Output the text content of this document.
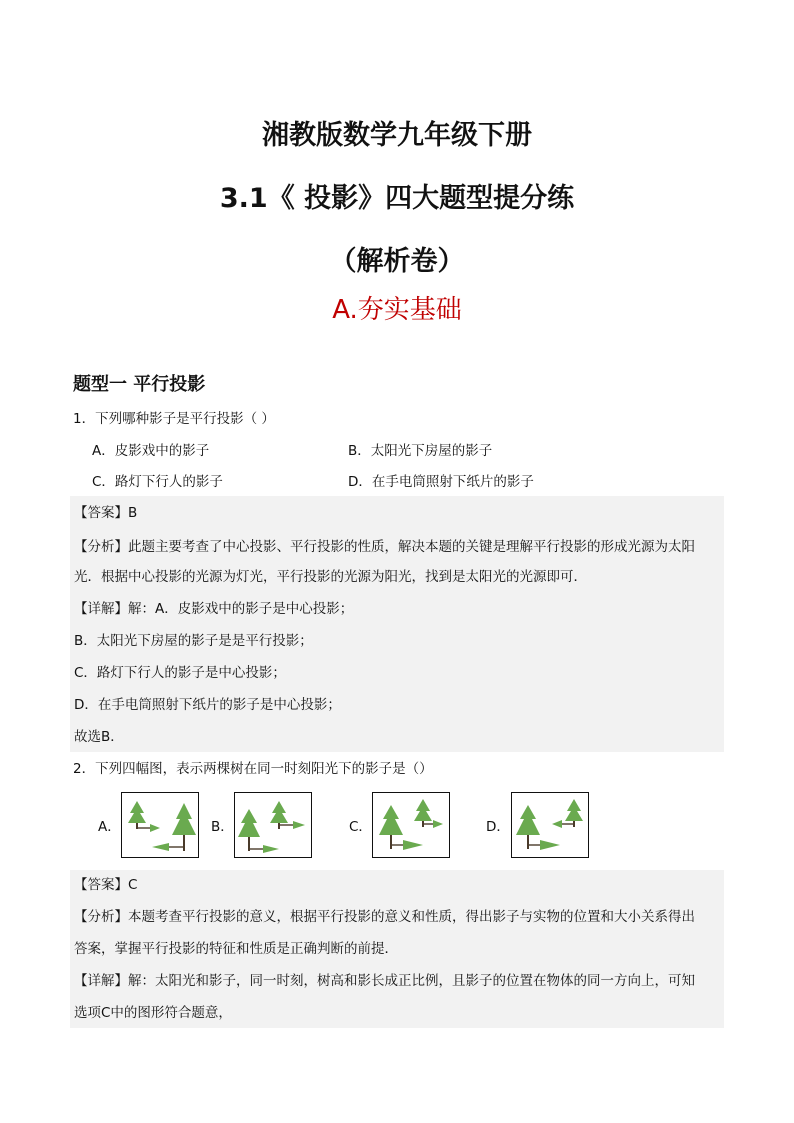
湘教版数学九年级下册
3.1《 投影》四大题型提分练
（解析卷）
A.夯实基础
题型一 平行投影
1．下列哪种影子是平行投影（ ）
A．皮影戏中的影子	B．太阳光下房屋的影子
C．路灯下行人的影子	D．在手电筒照射下纸片的影子
【答案】B
【分析】此题主要考查了中心投影、平行投影的性质，解决本题的关键是理解平行投影的形成光源为太阳
光．根据中心投影的光源为灯光，平行投影的光源为阳光，找到是太阳光的光源即可．
【详解】解：A．皮影戏中的影子是中心投影；
B．太阳光下房屋的影子是是平行投影；
C．路灯下行人的影子是中心投影；
D．在手电筒照射下纸片的影子是中心投影；
故选B．
2．下列四幅图，表示两棵树在同一时刻阳光下的影子是（）
A．	B．	C．	D．
【答案】C
【分析】本题考查平行投影的意义，根据平行投影的意义和性质，得出影子与实物的位置和大小关系得出
答案，掌握平行投影的特征和性质是正确判断的前提．
【详解】解：太阳光和影子，同一时刻，树高和影长成正比例，且影子的位置在物体的同一方向上，可知
选项C中的图形符合题意，
